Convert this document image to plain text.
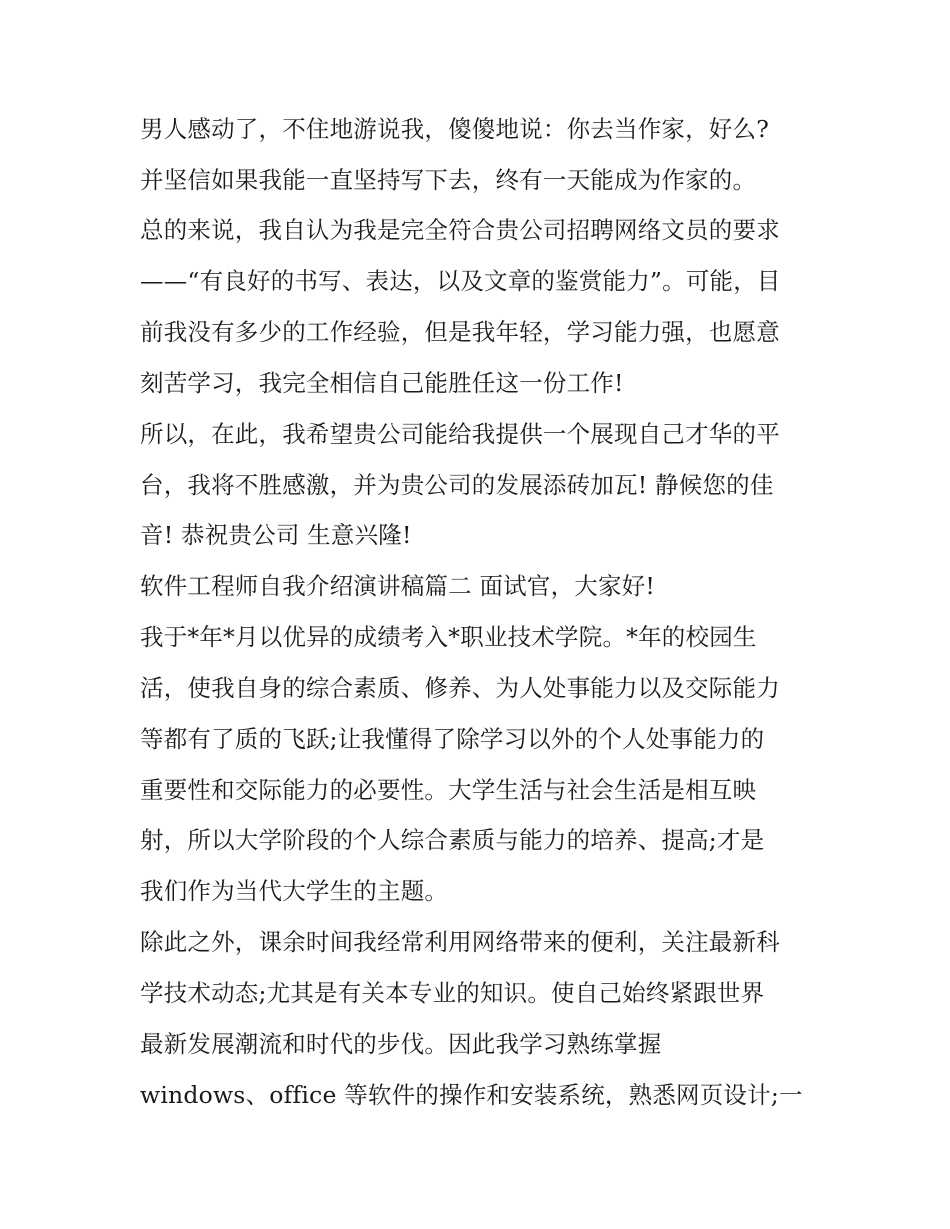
男人感动了，不住地游说我，傻傻地说：你去当作家，好么?
并坚信如果我能一直坚持写下去，终有一天能成为作家的。
总的来说，我自认为我是完全符合贵公司招聘网络文员的要求
——“有良好的书写、表达，以及文章的鉴赏能力”。可能，目
前我没有多少的工作经验，但是我年轻，学习能力强，也愿意
刻苦学习，我完全相信自己能胜任这一份工作!
所以，在此，我希望贵公司能给我提供一个展现自己才华的平
台，我将不胜感激，并为贵公司的发展添砖加瓦! 静候您的佳
音! 恭祝贵公司 生意兴隆!
软件工程师自我介绍演讲稿篇二 面试官，大家好!
我于*年*月以优异的成绩考入*职业技术学院。*年的校园生
活，使我自身的综合素质、修养、为人处事能力以及交际能力
等都有了质的飞跃;让我懂得了除学习以外的个人处事能力的
重要性和交际能力的必要性。大学生活与社会生活是相互映
射，所以大学阶段的个人综合素质与能力的培养、提高;才是
我们作为当代大学生的主题。
除此之外，课余时间我经常利用网络带来的便利，关注最新科
学技术动态;尤其是有关本专业的知识。使自己始终紧跟世界
最新发展潮流和时代的步伐。因此我学习熟练掌握
windows、office 等软件的操作和安装系统，熟悉网页设计;一
